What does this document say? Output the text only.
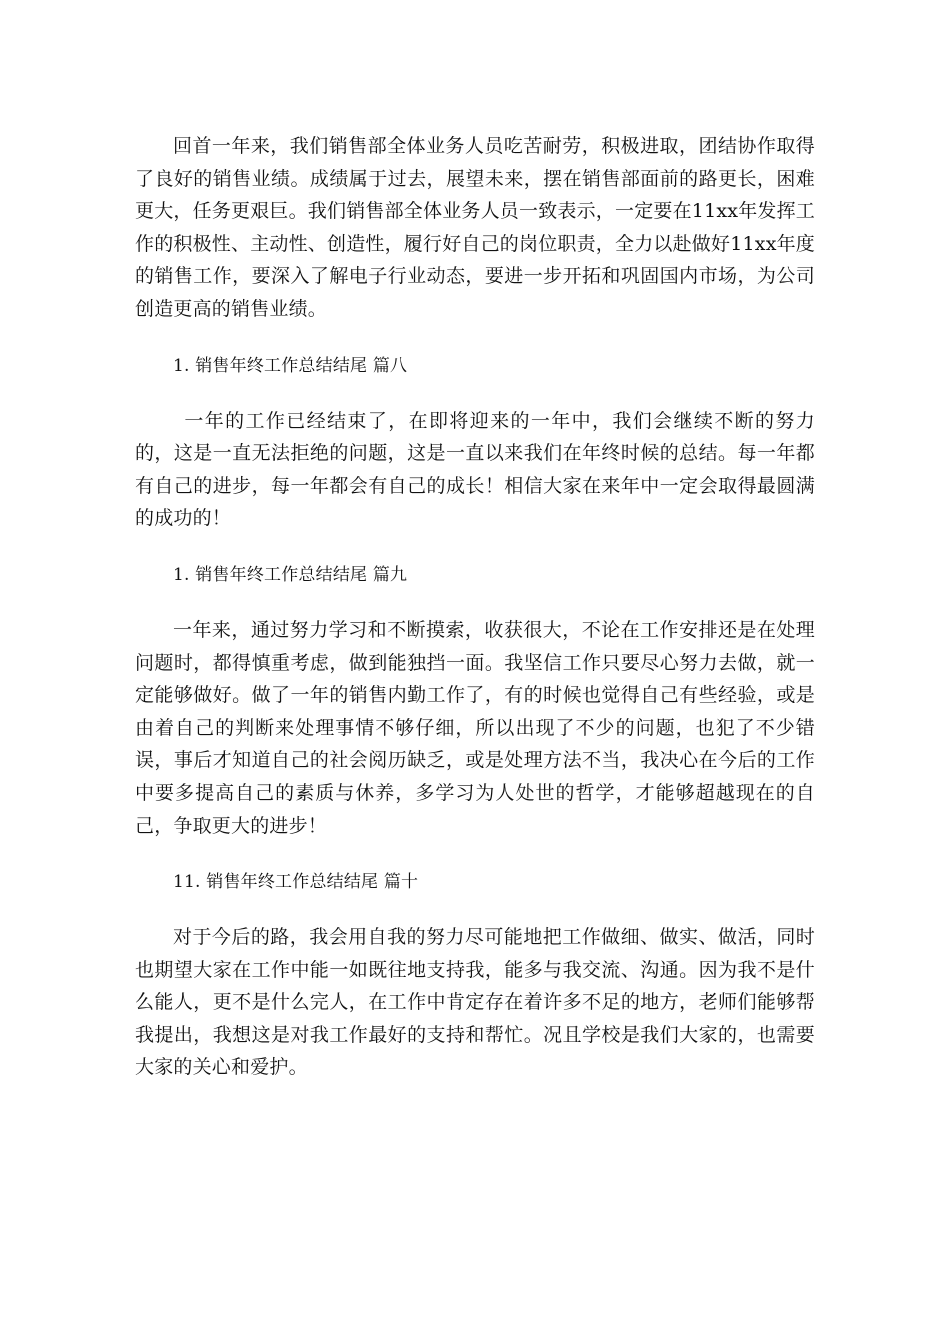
回首一年来，我们销售部全体业务人员吃苦耐劳，积极进取，团结协作取得了良好的销售业绩。成绩属于过去，展望未来，摆在销售部面前的路更长，困难更大，任务更艰巨。我们销售部全体业务人员一致表示，一定要在11xx年发挥工作的积极性、主动性、创造性，履行好自己的岗位职责，全力以赴做好11xx年度的销售工作，要深入了解电子行业动态，要进一步开拓和巩固国内市场，为公司创造更高的销售业绩。

1. 销售年终工作总结结尾 篇八

一年的工作已经结束了，在即将迎来的一年中，我们会继续不断的努力的，这是一直无法拒绝的问题，这是一直以来我们在年终时候的总结。每一年都有自己的进步，每一年都会有自己的成长！相信大家在来年中一定会取得最圆满的成功的！

1. 销售年终工作总结结尾 篇九

一年来，通过努力学习和不断摸索，收获很大，不论在工作安排还是在处理问题时，都得慎重考虑，做到能独挡一面。我坚信工作只要尽心努力去做，就一定能够做好。做了一年的销售内勤工作了，有的时候也觉得自己有些经验，或是由着自己的判断来处理事情不够仔细，所以出现了不少的问题，也犯了不少错误，事后才知道自己的社会阅历缺乏，或是处理方法不当，我决心在今后的工作中要多提高自己的素质与休养，多学习为人处世的哲学，才能够超越现在的自己，争取更大的进步！

11. 销售年终工作总结结尾 篇十

对于今后的路，我会用自我的努力尽可能地把工作做细、做实、做活，同时也期望大家在工作中能一如既往地支持我，能多与我交流、沟通。因为我不是什么能人，更不是什么完人，在工作中肯定存在着许多不足的地方，老师们能够帮我提出，我想这是对我工作最好的支持和帮忙。况且学校是我们大家的，也需要大家的关心和爱护。
